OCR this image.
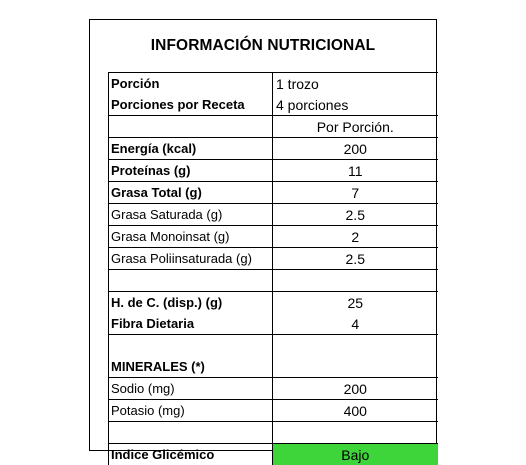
INFORMACIÓN NUTRICIONAL
Porción	1 trozo
Porciones por Receta	4 porciones
	Por Porción.
Energía (kcal)	200
Proteínas (g)	11
Grasa Total (g)	7
Grasa Saturada (g)	2.5
Grasa Monoinsat (g)	2
Grasa Poliinsaturada (g)	2.5

H. de C. (disp.) (g)	25
Fibra Dietaria	4

MINERALES (*)	
Sodio (mg)	200
Potasio (mg)	400

Indice Glicémico	Bajo
